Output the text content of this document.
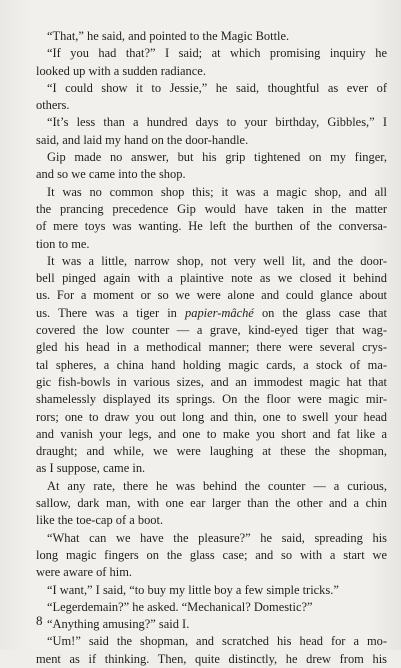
“That,” he said, and pointed to the Magic Bottle.
“If you had that?” I said; at which promising inquiry he
looked up with a sudden radiance.
“I could show it to Jessie,” he said, thoughtful as ever of
others.
“It’s less than a hundred days to your birthday, Gibbles,” I
said, and laid my hand on the door-handle.
Gip made no answer, but his grip tightened on my finger,
and so we came into the shop.
It was no common shop this; it was a magic shop, and all
the prancing precedence Gip would have taken in the matter
of mere toys was wanting. He left the burthen of the conversa-
tion to me.
It was a little, narrow shop, not very well lit, and the door-
bell pinged again with a plaintive note as we closed it behind
us. For a moment or so we were alone and could glance about
us. There was a tiger in papier-mâché on the glass case that
covered the low counter — a grave, kind-eyed tiger that wag-
gled his head in a methodical manner; there were several crys-
tal spheres, a china hand holding magic cards, a stock of ma-
gic fish-bowls in various sizes, and an immodest magic hat that
shamelessly displayed its springs. On the floor were magic mir-
rors; one to draw you out long and thin, one to swell your head
and vanish your legs, and one to make you short and fat like a
draught; and while, we were laughing at these the shopman,
as I suppose, came in.
At any rate, there he was behind the counter — a curious,
sallow, dark man, with one ear larger than the other and a chin
like the toe-cap of a boot.
“What can we have the pleasure?” he said, spreading his
long magic fingers on the glass case; and so with a start we
were aware of him.
“I want,” I said, “to buy my little boy a few simple tricks.”
“Legerdemain?” he asked. “Mechanical? Domestic?”
“Anything amusing?” said I.
“Um!” said the shopman, and scratched his head for a mo-
ment as if thinking. Then, quite distinctly, he drew from his
8
